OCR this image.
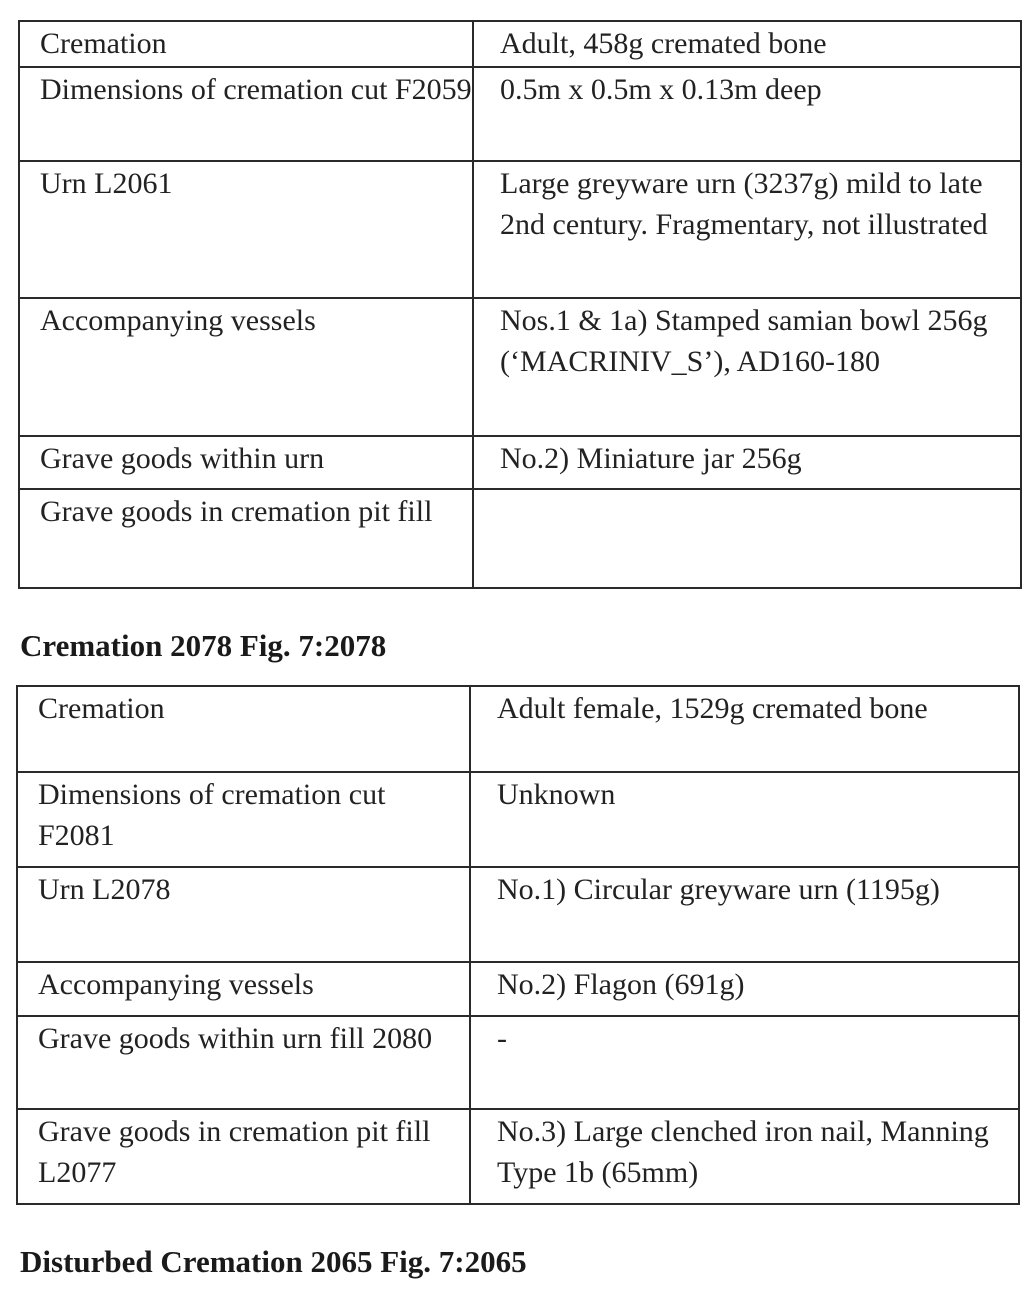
Cremation	Adult, 458g cremated bone
Dimensions of cremation cut F2059	0.5m x 0.5m x 0.13m deep
Urn L2061	Large greyware urn (3237g) mild to late 2nd century. Fragmentary, not illustrated
Accompanying vessels	Nos.1 & 1a) Stamped samian bowl 256g (‘MACRINIV_S’), AD160-180
Grave goods within urn	No.2) Miniature jar 256g
Grave goods in cremation pit fill	
Cremation 2078 Fig. 7:2078
Cremation	Adult female, 1529g cremated bone
Dimensions of cremation cut F2081	Unknown
Urn L2078	No.1) Circular greyware urn (1195g)
Accompanying vessels	No.2) Flagon (691g)
Grave goods within urn fill 2080	-
Grave goods in cremation pit fill L2077	No.3) Large clenched iron nail, Manning Type 1b (65mm)
Disturbed Cremation 2065 Fig. 7:2065
